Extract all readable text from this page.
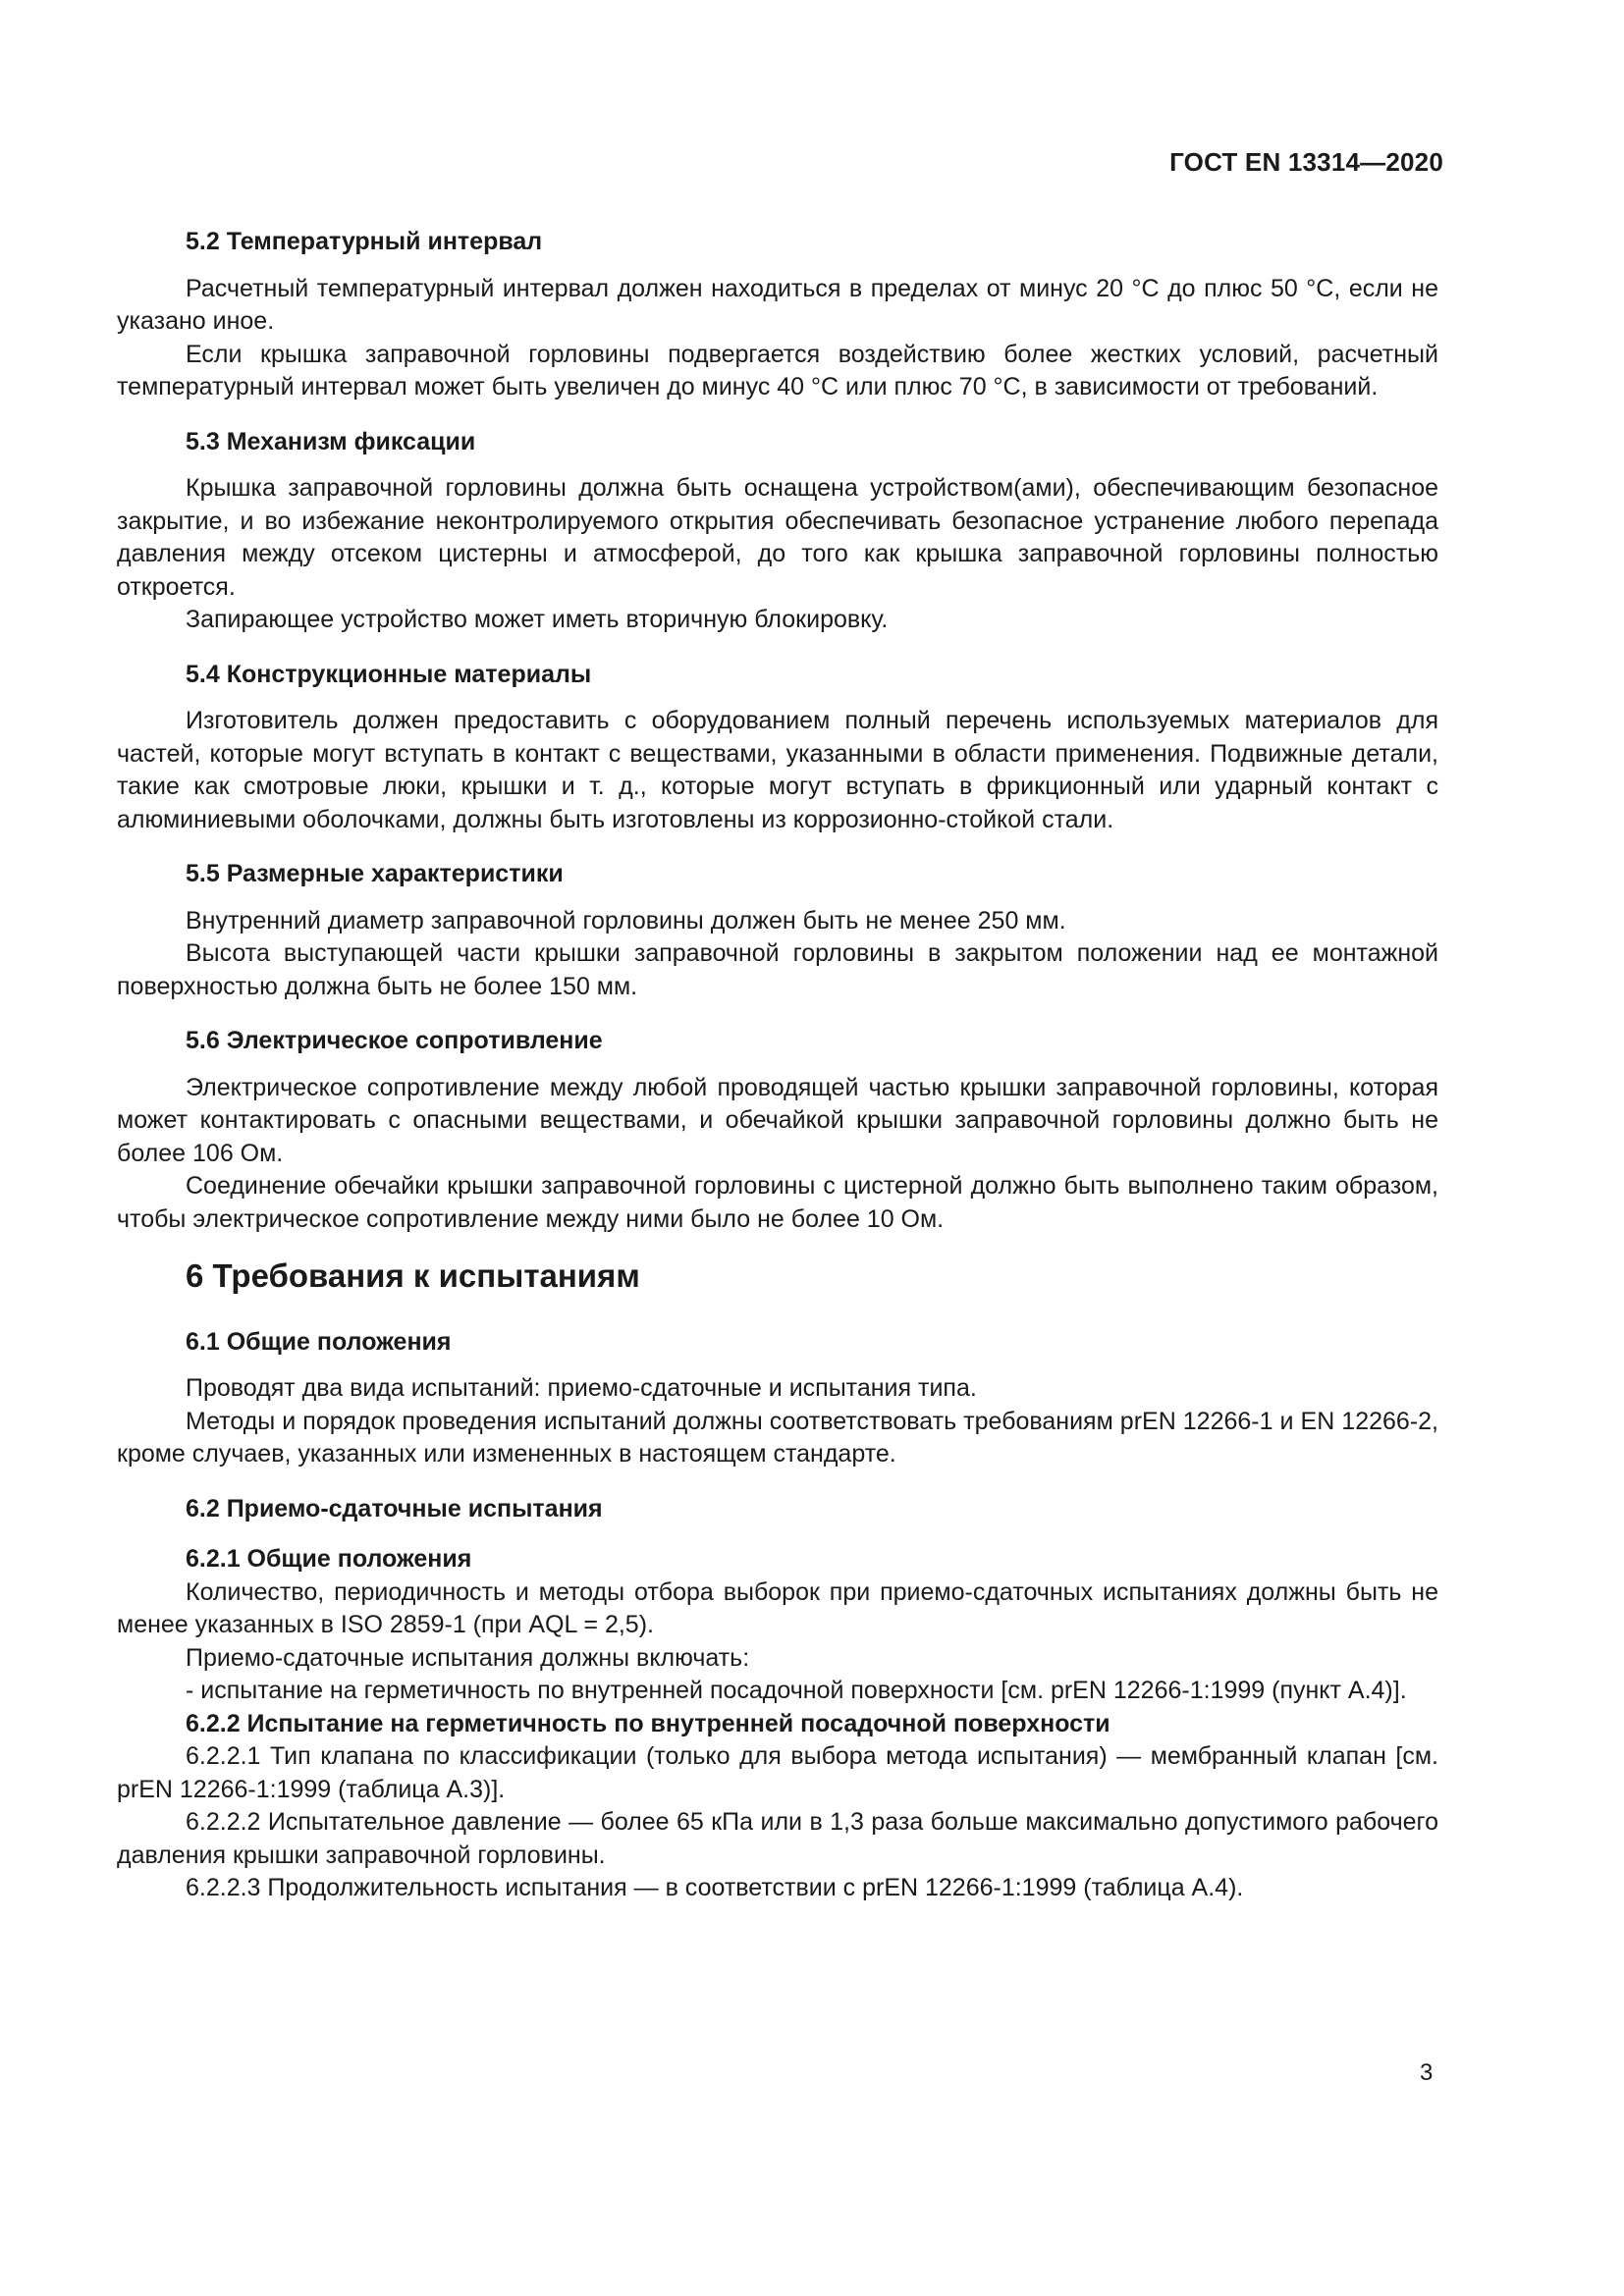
ГОСТ EN 13314—2020
5.2 Температурный интервал

Расчетный температурный интервал должен находиться в пределах от минус 20 °С до плюс 50 °С, если не указано иное.

Если крышка заправочной горловины подвергается воздействию более жестких условий, расчетный температурный интервал может быть увеличен до минус 40 °С или плюс 70 °С, в зависимости от требований.

5.3 Механизм фиксации

Крышка заправочной горловины должна быть оснащена устройством(ами), обеспечивающим безопасное закрытие, и во избежание неконтролируемого открытия обеспечивать безопасное устранение любого перепада давления между отсеком цистерны и атмосферой, до того как крышка заправочной горловины полностью откроется.

Запирающее устройство может иметь вторичную блокировку.

5.4 Конструкционные материалы

Изготовитель должен предоставить с оборудованием полный перечень используемых материалов для частей, которые могут вступать в контакт с веществами, указанными в области применения. Подвижные детали, такие как смотровые люки, крышки и т. д., которые могут вступать в фрикционный или ударный контакт с алюминиевыми оболочками, должны быть изготовлены из коррозионно-стойкой стали.

5.5 Размерные характеристики

Внутренний диаметр заправочной горловины должен быть не менее 250 мм.

Высота выступающей части крышки заправочной горловины в закрытом положении над ее монтажной поверхностью должна быть не более 150 мм.

5.6 Электрическое сопротивление

Электрическое сопротивление между любой проводящей частью крышки заправочной горловины, которая может контактировать с опасными веществами, и обечайкой крышки заправочной горловины должно быть не более 106 Ом.

Соединение обечайки крышки заправочной горловины с цистерной должно быть выполнено таким образом, чтобы электрическое сопротивление между ними было не более 10 Ом.

6 Требования к испытаниям
6.1 Общие положения

Проводят два вида испытаний: приемо-сдаточные и испытания типа.

Методы и порядок проведения испытаний должны соответствовать требованиям prEN 12266-1 и EN 12266-2, кроме случаев, указанных или измененных в настоящем стандарте.

6.2 Приемо-сдаточные испытания
6.2.1 Общие положения

Количество, периодичность и методы отбора выборок при приемо-сдаточных испытаниях должны быть не менее указанных в ISO 2859-1 (при AQL = 2,5).

Приемо-сдаточные испытания должны включать:

- испытание на герметичность по внутренней посадочной поверхности [см. prEN 12266-1:1999 (пункт А.4)].

6.2.2 Испытание на герметичность по внутренней посадочной поверхности

6.2.2.1 Тип клапана по классификации (только для выбора метода испытания) — мембранный клапан [см. prEN 12266-1:1999 (таблица А.3)].

6.2.2.2 Испытательное давление — более 65 кПа или в 1,3 раза больше максимально допустимого рабочего давления крышки заправочной горловины.

6.2.2.3 Продолжительность испытания — в соответствии с prEN 12266-1:1999 (таблица А.4).

3
